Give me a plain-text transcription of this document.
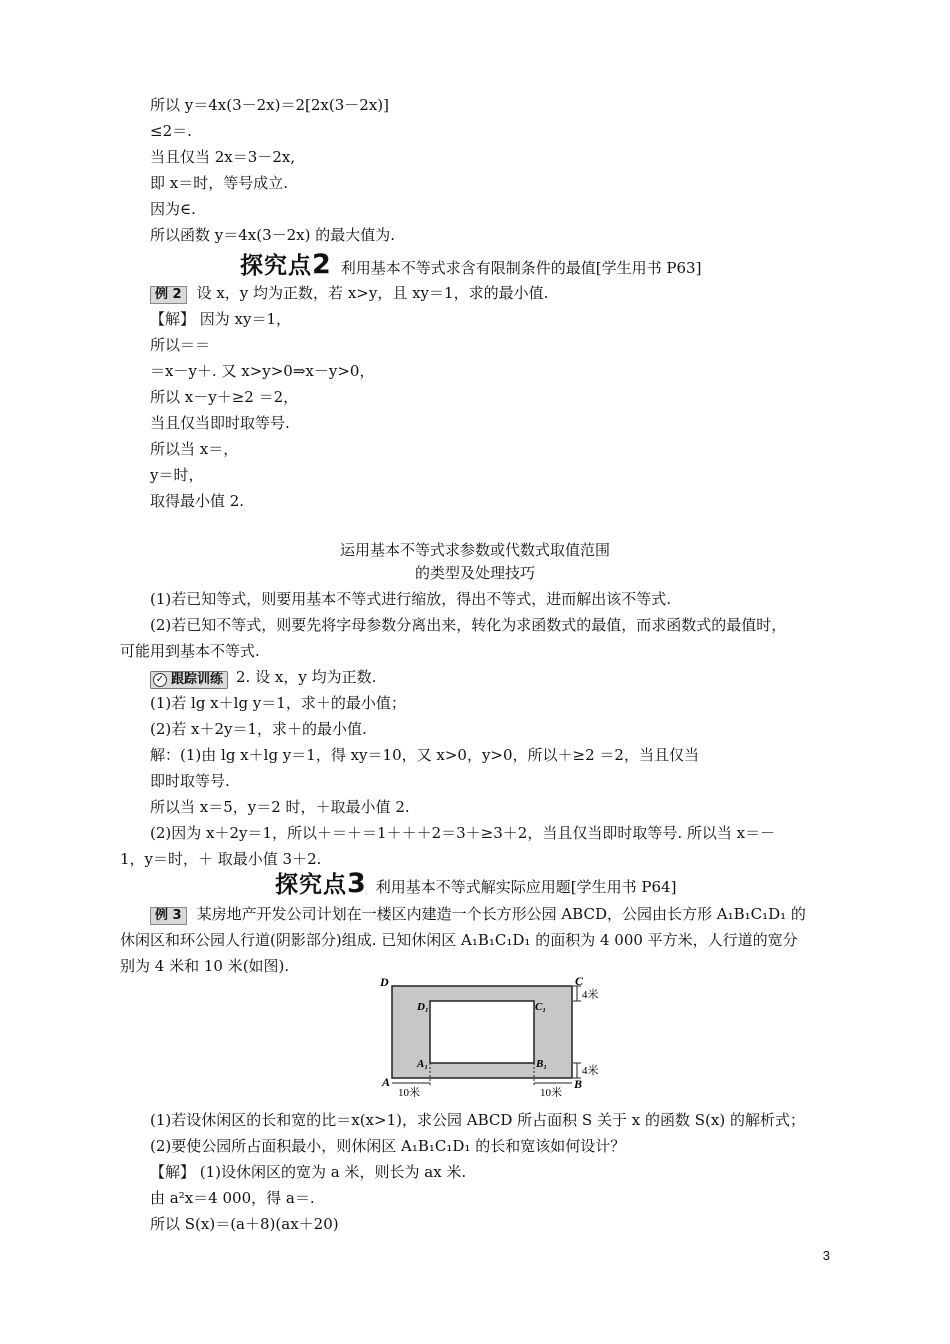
所以 y＝4x(3－2x)＝2[2x(3－2x)]
≤2＝.
当且仅当 2x＝3－2x,
即 x＝时，等号成立.
因为∈.
所以函数 y＝4x(3－2x) 的最大值为.
探究点2 利用基本不等式求含有限制条件的最值[学生用书 P63]
例 2 设 x，y 均为正数，若 x>y，且 xy＝1，求的最小值.
【解】 因为 xy＝1，
所以＝＝
＝x－y＋. 又 x>y>0⇒x－y>0，
所以 x－y＋≥2 ＝2，
当且仅当即时取等号.
所以当 x＝，
y＝时，
取得最小值 2.
运用基本不等式求参数或代数式取值范围
的类型及处理技巧
(1)若已知等式，则要用基本不等式进行缩放，得出不等式，进而解出该不等式.
(2)若已知不等式，则要先将字母参数分离出来，转化为求函数式的最值，而求函数式的最值时，
可能用到基本不等式.
✓ 跟踪训练 2. 设 x，y 均为正数.
(1)若 lg x＋lg y＝1，求＋的最小值；
(2)若 x＋2y＝1，求＋的最小值.
解：(1)由 lg x＋lg y＝1，得 xy＝10，又 x>0，y>0，所以＋≥2 ＝2，当且仅当
即时取等号.
所以当 x＝5，y＝2 时，＋取最小值 2.
(2)因为 x＋2y＝1，所以＋＝＋＝1＋＋＋2＝3＋≥3＋2，当且仅当即时取等号. 所以当 x＝－
1，y＝时，＋ 取最小值 3＋2.
探究点3 利用基本不等式解实际应用题[学生用书 P64]
例 3 某房地产开发公司计划在一楼区内建造一个长方形公园 ABCD，公园由长方形 A₁B₁C₁D₁ 的
休闲区和环公园人行道(阴影部分)组成. 已知休闲区 A₁B₁C₁D₁ 的面积为 4 000 平方米，人行道的宽分
别为 4 米和 10 米(如图).
D	C
A	B
D₁	C₁
A₁	B₁
4米
4米
10米	10米
(1)若设休闲区的长和宽的比＝x(x>1)，求公园 ABCD 所占面积 S 关于 x 的函数 S(x) 的解析式；
(2)要使公园所占面积最小，则休闲区 A₁B₁C₁D₁ 的长和宽该如何设计？
【解】 (1)设休闲区的宽为 a 米，则长为 ax 米.
由 a²x＝4 000，得 a＝.
所以 S(x)＝(a＋8)(ax＋20)
3
